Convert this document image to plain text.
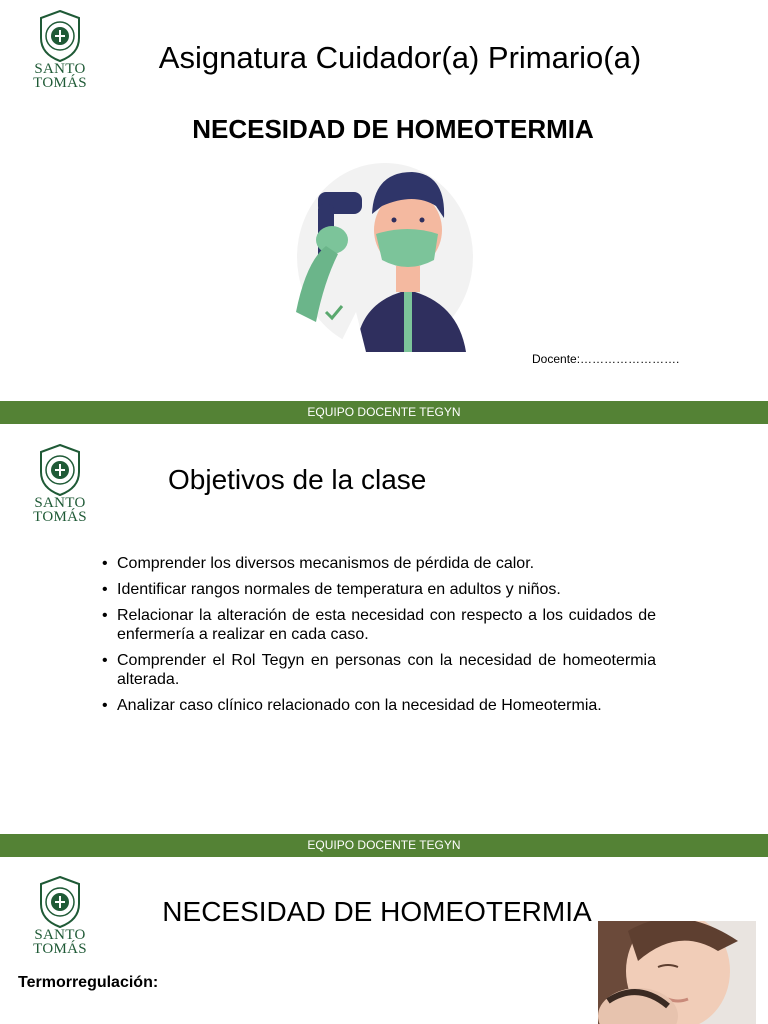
SANTO
TOMÁS
Asignatura Cuidador(a) Primario(a)
NECESIDAD DE HOMEOTERMIA
Docente:…………………….
EQUIPO DOCENTE TEGYN
SANTO
TOMÁS
EQUIPO DOCENTE TEGYN
Objetivos de la clase
• Comprender los diversos mecanismos de pérdida de calor.
• Identificar rangos normales de temperatura en adultos y niños.
• Relacionar la alteración de esta necesidad con respecto a los cuidados de enfermería a realizar en cada caso.
• Comprender el Rol Tegyn en personas con la necesidad de homeotermia alterada.
• Analizar caso clínico relacionado con la necesidad de Homeotermia.
SANTO
TOMÁS
NECESIDAD DE HOMEOTERMIA
Termorregulación:
